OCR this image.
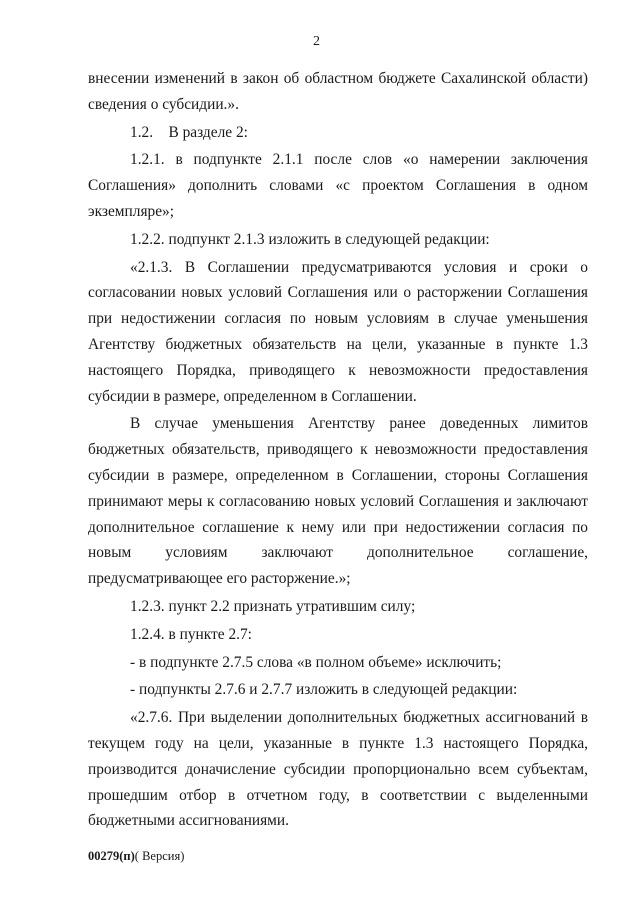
2

внесении изменений в закон об областном бюджете Сахалинской области) сведения о субсидии.».

1.2.    В разделе 2:

1.2.1. в подпункте 2.1.1 после слов «о намерении заключения Соглашения» дополнить словами «с проектом Соглашения в одном экземпляре»;

1.2.2. подпункт 2.1.3 изложить в следующей редакции:

«2.1.3. В Соглашении предусматриваются условия и сроки о согласовании новых условий Соглашения или о расторжении Соглашения при недостижении согласия по новым условиям в случае уменьшения Агентству бюджетных обязательств на цели, указанные в пункте 1.3 настоящего Порядка, приводящего к невозможности предоставления субсидии в размере, определенном в Соглашении.

В случае уменьшения Агентству ранее доведенных лимитов бюджетных обязательств, приводящего к невозможности предоставления субсидии в размере, определенном в Соглашении, стороны Соглашения принимают меры к согласованию новых условий Соглашения и заключают дополнительное соглашение к нему или при недостижении согласия по новым условиям заключают дополнительное соглашение, предусматривающее его расторжение.»;

1.2.3. пункт 2.2 признать утратившим силу;

1.2.4. в пункте 2.7:

- в подпункте 2.7.5 слова «в полном объеме» исключить;

- подпункты 2.7.6 и 2.7.7 изложить в следующей редакции:

«2.7.6. При выделении дополнительных бюджетных ассигнований в текущем году на цели, указанные в пункте 1.3 настоящего Порядка, производится доначисление субсидии пропорционально всем субъектам, прошедшим отбор в отчетном году, в соответствии с выделенными бюджетными ассигнованиями.

00279(п)( Версия)
